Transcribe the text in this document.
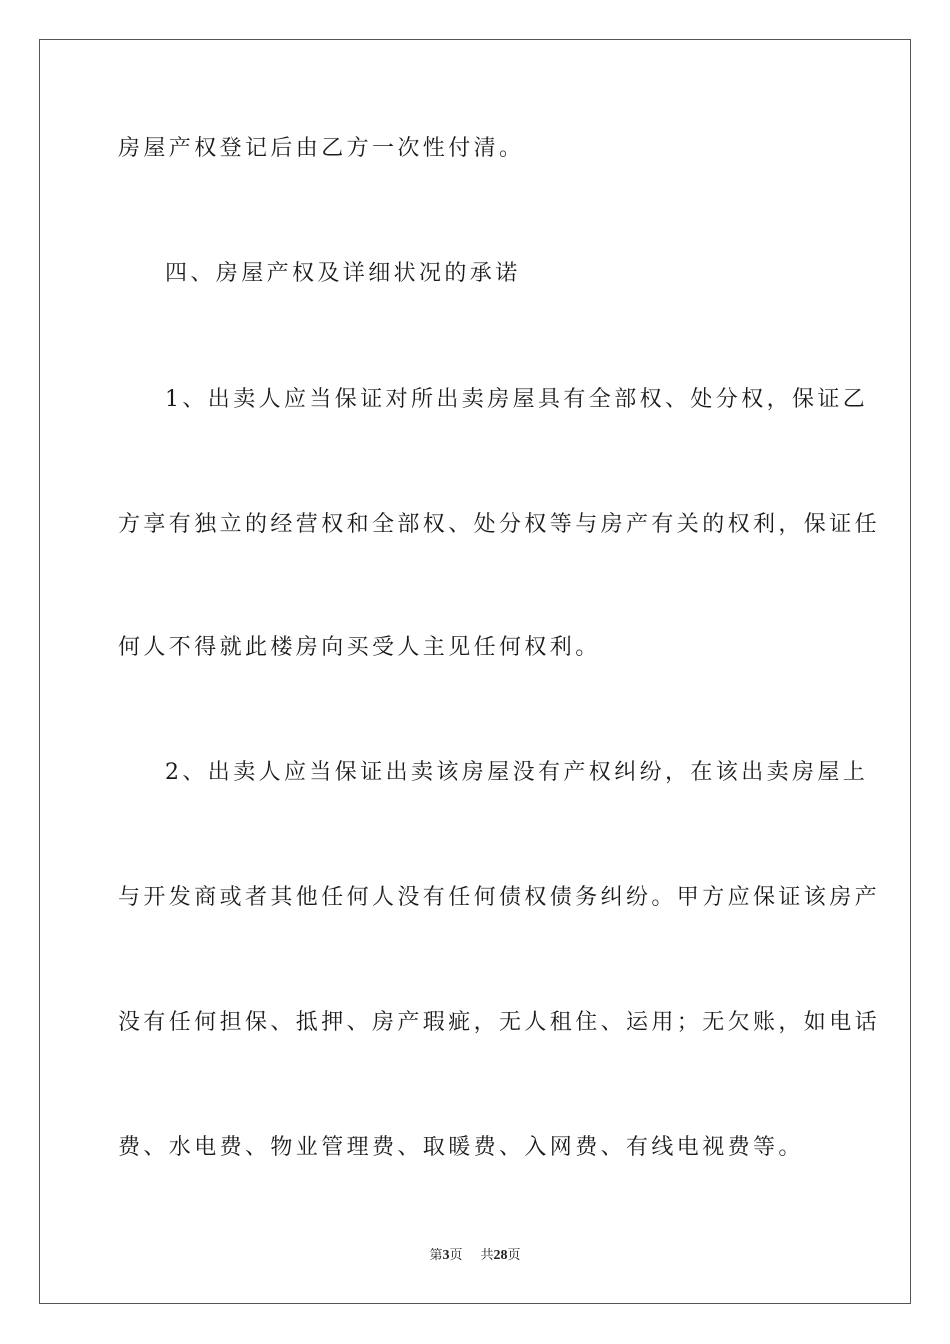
房屋产权登记后由乙方一次性付清。
四、房屋产权及详细状况的承诺
1、出卖人应当保证对所出卖房屋具有全部权、处分权，保证乙
方享有独立的经营权和全部权、处分权等与房产有关的权利，保证任
何人不得就此楼房向买受人主见任何权利。
2、出卖人应当保证出卖该房屋没有产权纠纷，在该出卖房屋上
与开发商或者其他任何人没有任何债权债务纠纷。甲方应保证该房产
没有任何担保、抵押、房产瑕疵，无人租住、运用；无欠账，如电话
费、水电费、物业管理费、取暖费、入网费、有线电视费等。
第3页 共28页
